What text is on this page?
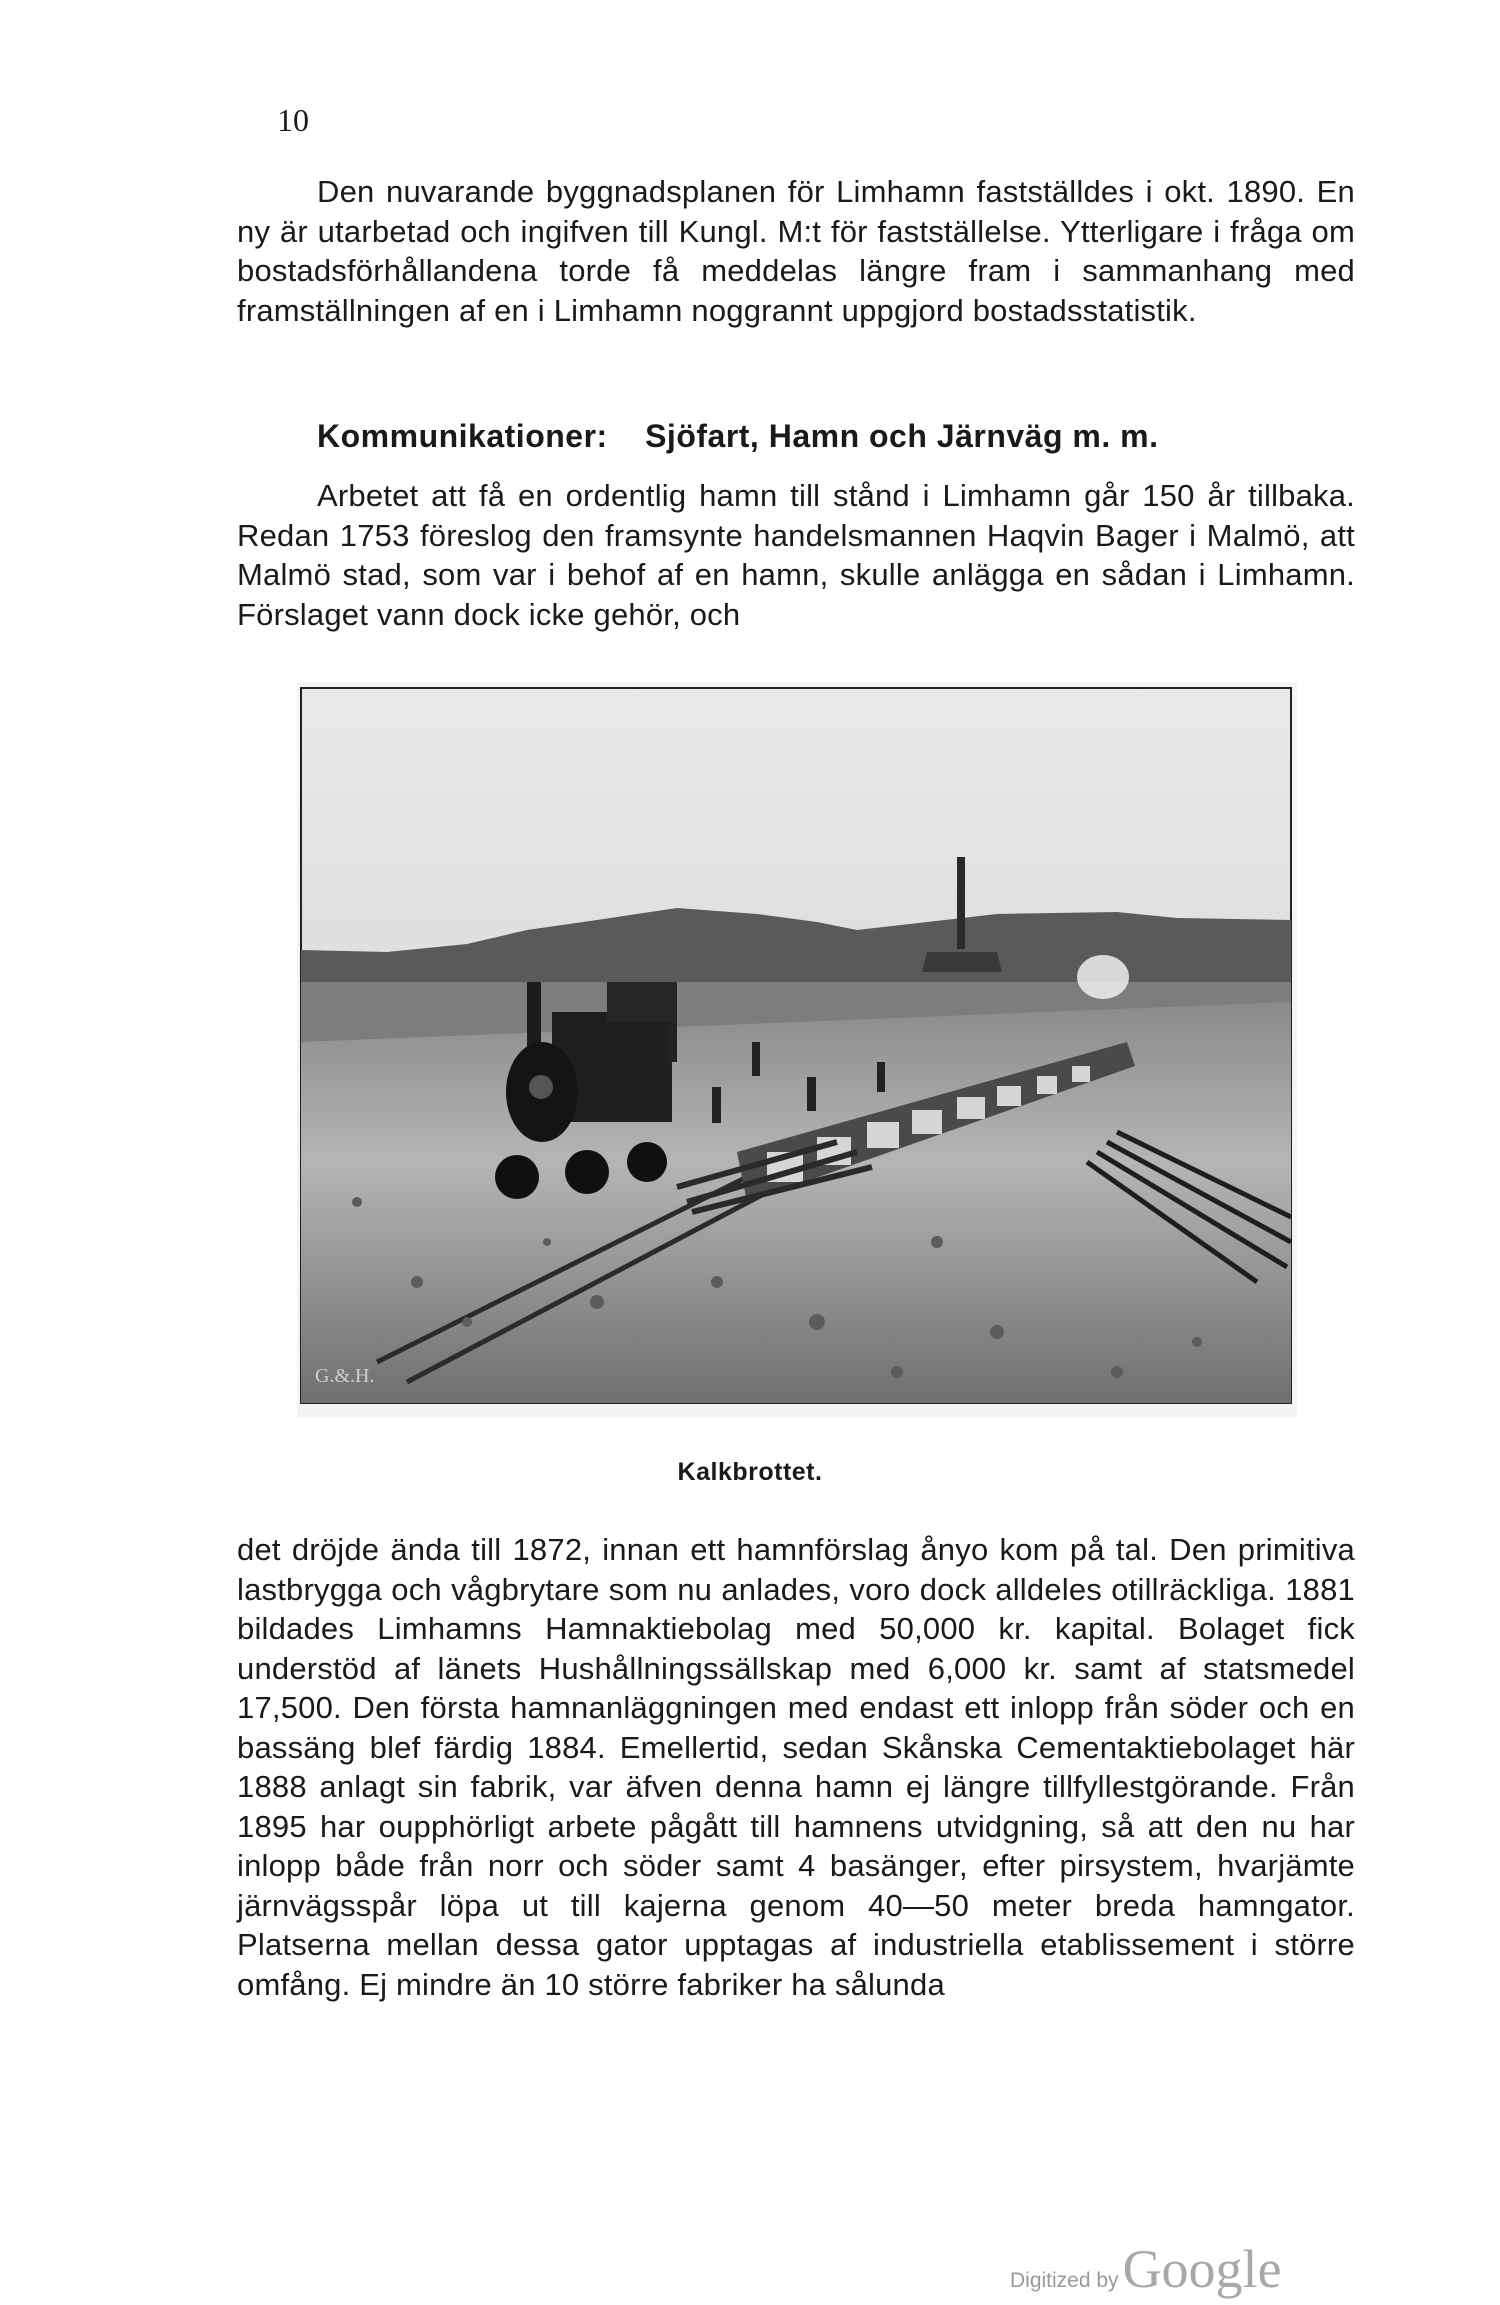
10
Den nuvarande byggnadsplanen för Limhamn fastställdes i okt. 1890. En ny är utarbetad och ingifven till Kungl. M:t för fastställelse. Ytterligare i fråga om bostadsförhållandena torde få meddelas längre fram i sammanhang med framställningen af en i Limhamn noggrannt uppgjord bostadsstatistik.
Kommunikationer: Sjöfart, Hamn och Järnväg m. m.
Arbetet att få en ordentlig hamn till stånd i Limhamn går 150 år tillbaka. Redan 1753 föreslog den framsynte handelsmannen Haqvin Bager i Malmö, att Malmö stad, som var i behof af en hamn, skulle anlägga en sådan i Limhamn. Förslaget vann dock icke gehör, och
G.&.H.
Kalkbrottet.
det dröjde ända till 1872, innan ett hamnförslag ånyo kom på tal. Den primitiva lastbrygga och vågbrytare som nu anlades, voro dock alldeles otillräckliga. 1881 bildades Limhamns Hamnaktiebolag med 50,000 kr. kapital. Bolaget fick understöd af länets Hushållningssällskap med 6,000 kr. samt af statsmedel 17,500. Den första hamnanläggningen med endast ett inlopp från söder och en bassäng blef färdig 1884. Emellertid, sedan Skånska Cementaktiebolaget här 1888 anlagt sin fabrik, var äfven denna hamn ej längre tillfyllestgörande. Från 1895 har oupphörligt arbete pågått till hamnens utvidgning, så att den nu har inlopp både från norr och söder samt 4 basänger, efter pirsystem, hvarjämte järnvägsspår löpa ut till kajerna genom 40—50 meter breda hamngator. Platserna mellan dessa gator upptagas af industriella etablissement i större omfång. Ej mindre än 10 större fabriker ha sålunda
Digitized by Google
